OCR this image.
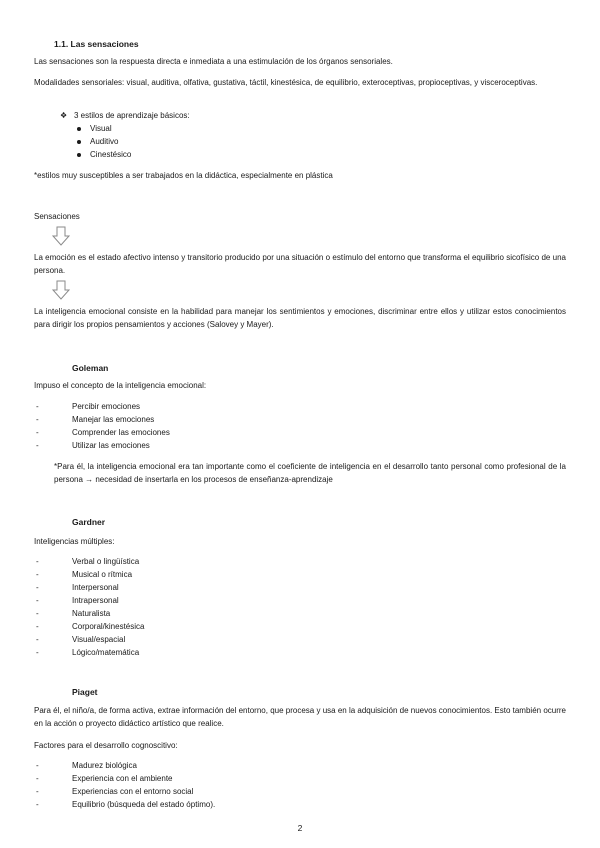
1.1. Las sensaciones
Las sensaciones son la respuesta directa e inmediata a una estimulación de los órganos sensoriales.
Modalidades sensoriales: visual, auditiva, olfativa, gustativa, táctil, kinestésica, de equilibrio, exteroceptivas, propioceptivas, y visceroceptivas.
❖ 3 estilos de aprendizaje básicos:
Visual
Auditivo
Cinestésico
*estilos muy susceptibles a ser trabajados en la didáctica, especialmente en plástica
Sensaciones
La emoción es el estado afectivo intenso y transitorio producido por una situación o estímulo del entorno que transforma el equilibrio sicofísico de una persona.
La inteligencia emocional consiste en la habilidad para manejar los sentimientos y emociones, discriminar entre ellos y utilizar estos conocimientos para dirigir los propios pensamientos y acciones (Salovey y Mayer).
Goleman
Impuso el concepto de la inteligencia emocional:
-	Percibir emociones
-	Manejar las emociones
-	Comprender las emociones
-	Utilizar las emociones
*Para él, la inteligencia emocional era tan importante como el coeficiente de inteligencia en el desarrollo tanto personal como profesional de la persona → necesidad de insertarla en los procesos de enseñanza-aprendizaje
Gardner
Inteligencias múltiples:
-	Verbal o lingüística
-	Musical o rítmica
-	Interpersonal
-	Intrapersonal
-	Naturalista
-	Corporal/kinestésica
-	Visual/espacial
-	Lógico/matemática
Piaget
Para él, el niño/a, de forma activa, extrae información del entorno, que procesa y usa en la adquisición de nuevos conocimientos. Esto también ocurre en la acción o proyecto didáctico artístico que realice.
Factores para el desarrollo cognoscitivo:
-	Madurez biológica
-	Experiencia con el ambiente
-	Experiencias con el entorno social
-	Equilibrio (búsqueda del estado óptimo).
2
